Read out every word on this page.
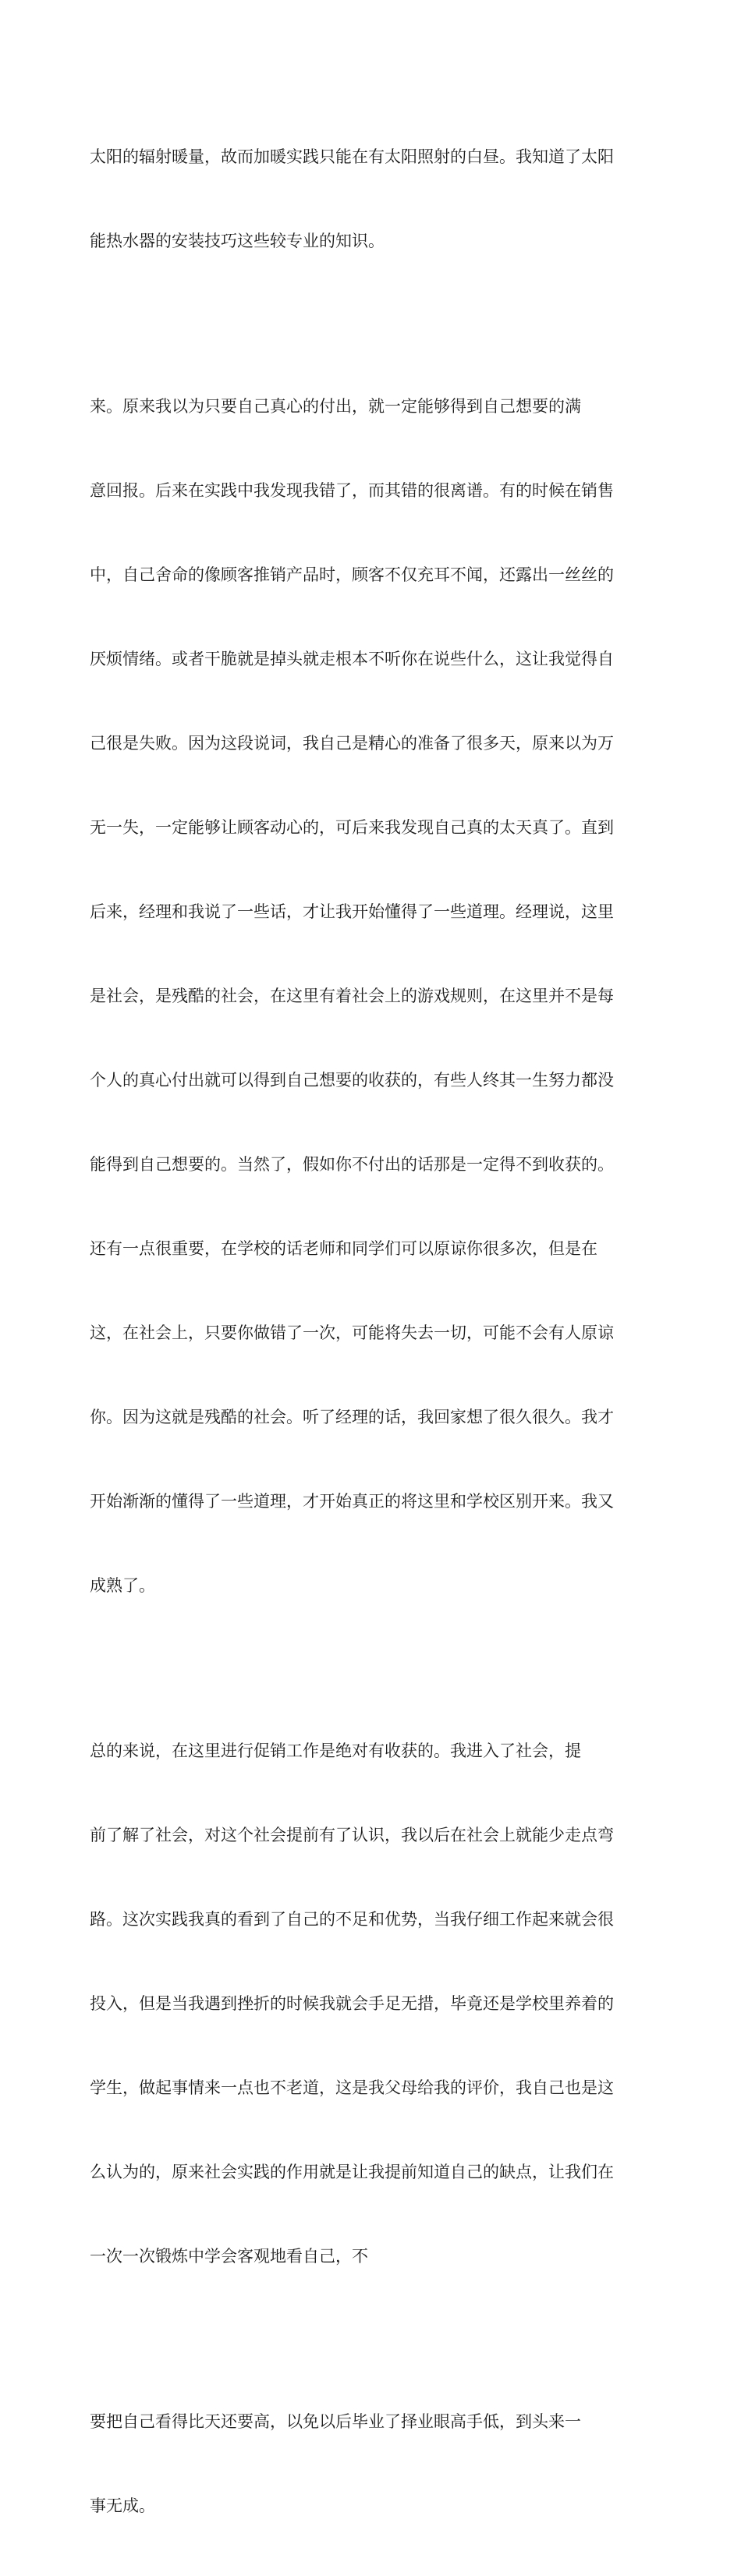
太阳的辐射暖量，故而加暖实践只能在有太阳照射的白昼。我知道了太阳

能热水器的安装技巧这些较专业的知识。

来。原来我以为只要自己真心的付出，就一定能够得到自己想要的满

意回报。后来在实践中我发现我错了，而其错的很离谱。有的时候在销售

中，自己舍命的像顾客推销产品时，顾客不仅充耳不闻，还露出一丝丝的

厌烦情绪。或者干脆就是掉头就走根本不听你在说些什么，这让我觉得自

己很是失败。因为这段说词，我自己是精心的准备了很多天，原来以为万

无一失，一定能够让顾客动心的，可后来我发现自己真的太天真了。直到

后来，经理和我说了一些话，才让我开始懂得了一些道理。经理说，这里

是社会，是残酷的社会，在这里有着社会上的游戏规则，在这里并不是每

个人的真心付出就可以得到自己想要的收获的，有些人终其一生努力都没

能得到自己想要的。当然了，假如你不付出的话那是一定得不到收获的。

还有一点很重要，在学校的话老师和同学们可以原谅你很多次，但是在

这，在社会上，只要你做错了一次，可能将失去一切，可能不会有人原谅

你。因为这就是残酷的社会。听了经理的话，我回家想了很久很久。我才

开始渐渐的懂得了一些道理，才开始真正的将这里和学校区别开来。我又

成熟了。

总的来说，在这里进行促销工作是绝对有收获的。我进入了社会，提

前了解了社会，对这个社会提前有了认识，我以后在社会上就能少走点弯

路。这次实践我真的看到了自己的不足和优势，当我仔细工作起来就会很

投入，但是当我遇到挫折的时候我就会手足无措，毕竟还是学校里养着的

学生，做起事情来一点也不老道，这是我父母给我的评价，我自己也是这

么认为的，原来社会实践的作用就是让我提前知道自己的缺点，让我们在

一次一次锻炼中学会客观地看自己，不

要把自己看得比天还要高，以免以后毕业了择业眼高手低，到头来一

事无成。
